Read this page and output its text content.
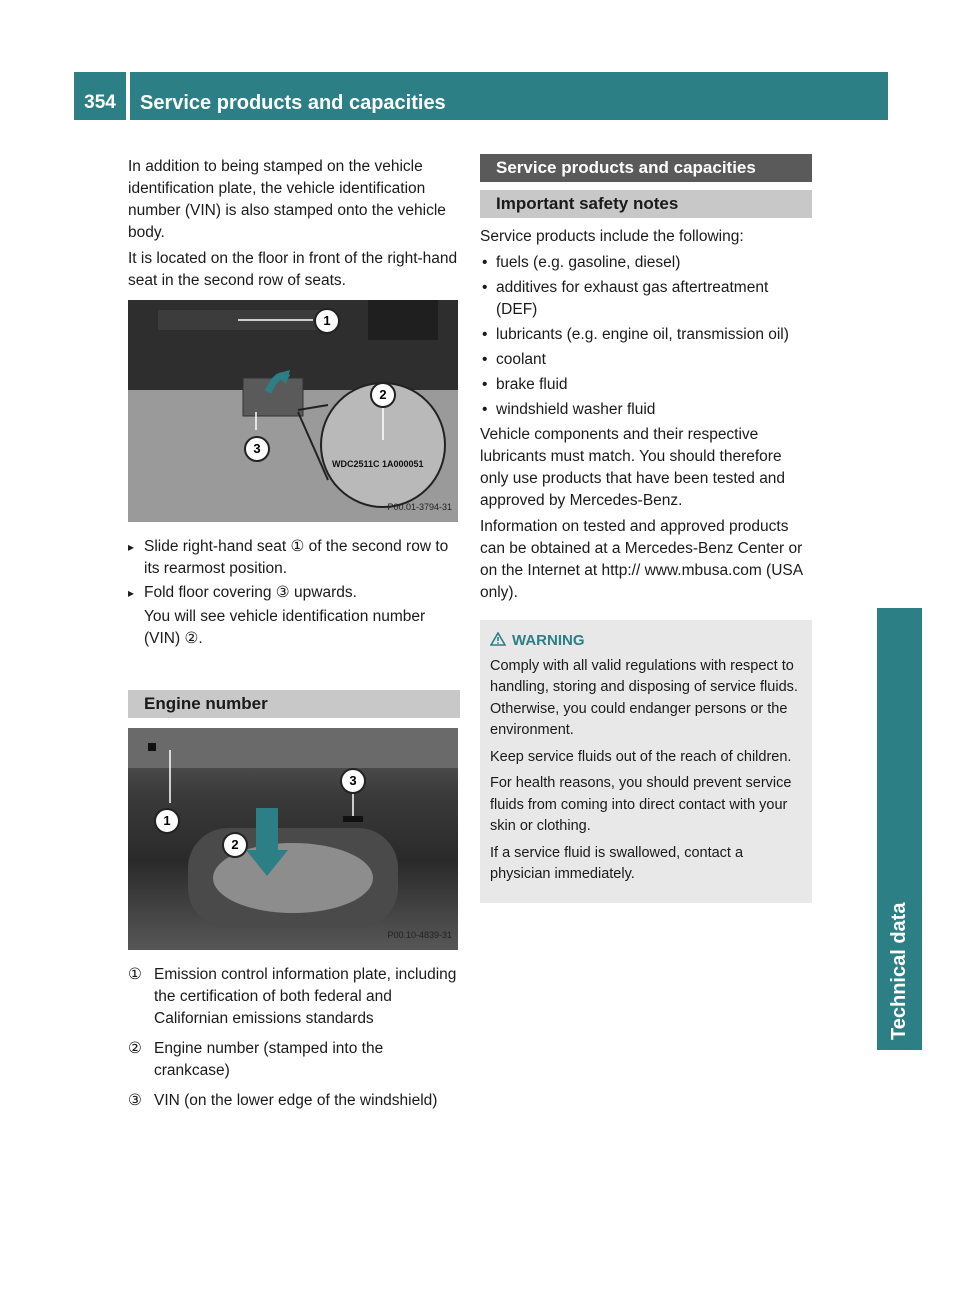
354	Service products and capacities
Technical data

In addition to being stamped on the vehicle identification plate, the vehicle identification number (VIN) is also stamped onto the vehicle body.

It is located on the floor in front of the right-hand seat in the second row of seats.

WDC2511C 1A000051
1
2
3
P00.01-3794-31
▸ Slide right-hand seat ① of the second row to its rearmost position.
▸ Fold floor covering ③ upwards.

You will see vehicle identification number (VIN) ②.

Engine number
3
1
2
P00.10-4839-31
① Emission control information plate, including the certification of both federal and Californian emissions standards
② Engine number (stamped into the crankcase)
③ VIN (on the lower edge of the windshield)
Service products and capacities
Important safety notes

Service products include the following:

• fuels (e.g. gasoline, diesel)
• additives for exhaust gas aftertreatment (DEF)
• lubricants (e.g. engine oil, transmission oil)
• coolant
• brake fluid
• windshield washer fluid

Vehicle components and their respective lubricants must match. You should therefore only use products that have been tested and approved by Mercedes-Benz.

Information on tested and approved products can be obtained at a Mercedes-Benz Center or on the Internet at http:// www.mbusa.com (USA only).

WARNING

Comply with all valid regulations with respect to handling, storing and disposing of service fluids. Otherwise, you could endanger persons or the environment.

Keep service fluids out of the reach of children.

For health reasons, you should prevent service fluids from coming into direct contact with your skin or clothing.

If a service fluid is swallowed, contact a physician immediately.
